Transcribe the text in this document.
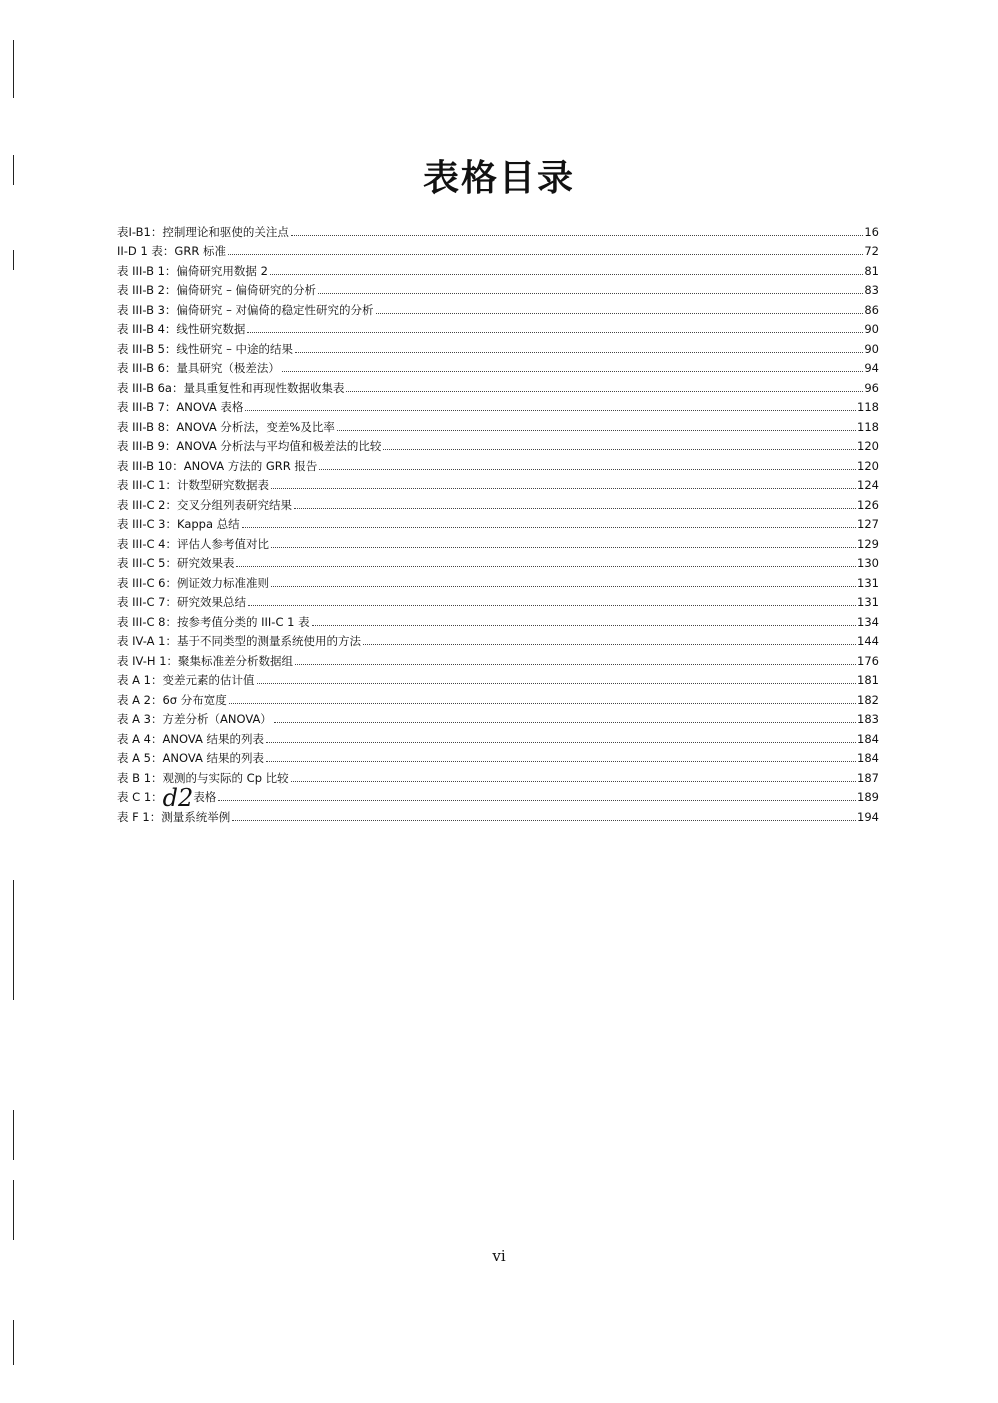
表格目录
表I-B1：控制理论和驱使的关注点	16
II-D 1 表：GRR 标准	72
表 III-B 1：偏倚研究用数据 2	81
表 III-B 2：偏倚研究 – 偏倚研究的分析	83
表 III-B 3：偏倚研究 – 对偏倚的稳定性研究的分析	86
表 III-B 4：线性研究数据	90
表 III-B 5：线性研究 – 中途的结果	90
表 III-B 6：量具研究（极差法）	94
表 III-B 6a：量具重复性和再现性数据收集表	96
表 III-B 7：ANOVA 表格	118
表 III-B 8：ANOVA 分析法，变差%及比率	118
表 III-B 9：ANOVA 分析法与平均值和极差法的比较	120
表 III-B 10：ANOVA 方法的 GRR 报告	120
表 III-C 1：计数型研究数据表	124
表 III-C 2：交叉分组列表研究结果	126
表 III-C 3：Kappa 总结	127
表 III-C 4：评估人参考值对比	129
表 III-C 5：研究效果表	130
表 III-C 6：例证效力标准准则	131
表 III-C 7：研究效果总结	131
表 III-C 8：按参考值分类的 III-C 1 表	134
表 IV-A 1：基于不同类型的测量系统使用的方法	144
表 IV-H 1：聚集标准差分析数据组	176
表 A 1：变差元素的估计值	181
表 A 2：6σ 分布宽度	182
表 A 3：方差分析（ANOVA）	183
表 A 4：ANOVA 结果的列表	184
表 A 5：ANOVA 结果的列表	184
表 B 1：观测的与实际的 Cp 比较	187
表 C 1： d2 表格	189
表 F 1：测量系统举例	194
vi
